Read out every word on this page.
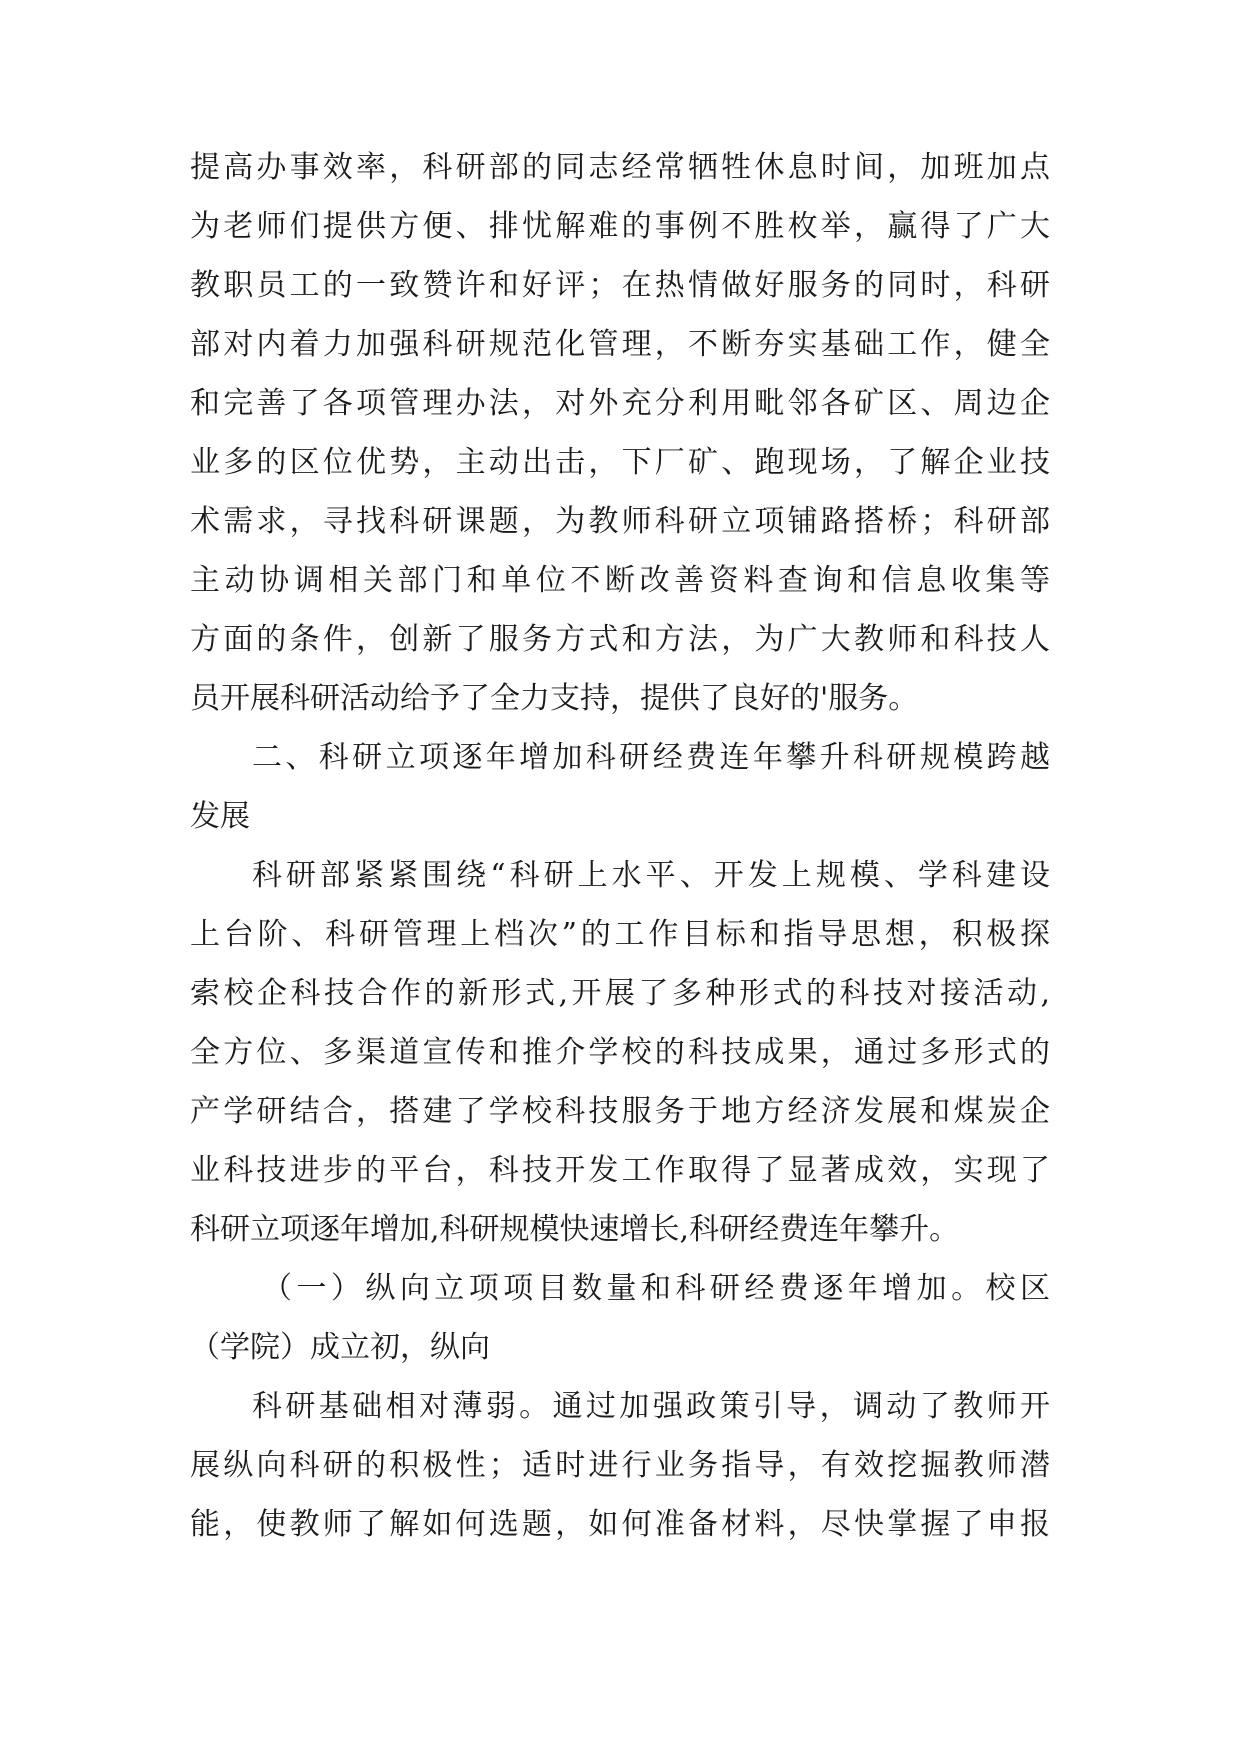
提高办事效率，科研部的同志经常牺牲休息时间，加班加点
为老师们提供方便、排忧解难的事例不胜枚举，赢得了广大
教职员工的一致赞许和好评；在热情做好服务的同时，科研
部对内着力加强科研规范化管理，不断夯实基础工作，健全
和完善了各项管理办法，对外充分利用毗邻各矿区、周边企
业多的区位优势，主动出击，下厂矿、跑现场，了解企业技
术需求，寻找科研课题，为教师科研立项铺路搭桥；科研部
主动协调相关部门和单位不断改善资料查询和信息收集等
方面的条件，创新了服务方式和方法，为广大教师和科技人
员开展科研活动给予了全力支持，提供了良好的'服务。
二、科研立项逐年增加科研经费连年攀升科研规模跨越
发展
科研部紧紧围绕“科研上水平、开发上规模、学科建设
上台阶、科研管理上档次”的工作目标和指导思想，积极探
索校企科技合作的新形式,开展了多种形式的科技对接活动,
全方位、多渠道宣传和推介学校的科技成果，通过多形式的
产学研结合，搭建了学校科技服务于地方经济发展和煤炭企
业科技进步的平台，科技开发工作取得了显著成效，实现了
科研立项逐年增加,科研规模快速增长,科研经费连年攀升。
（一）纵向立项项目数量和科研经费逐年增加。校区
（学院）成立初，纵向
科研基础相对薄弱。通过加强政策引导，调动了教师开
展纵向科研的积极性；适时进行业务指导，有效挖掘教师潜
能，使教师了解如何选题，如何准备材料，尽快掌握了申报
